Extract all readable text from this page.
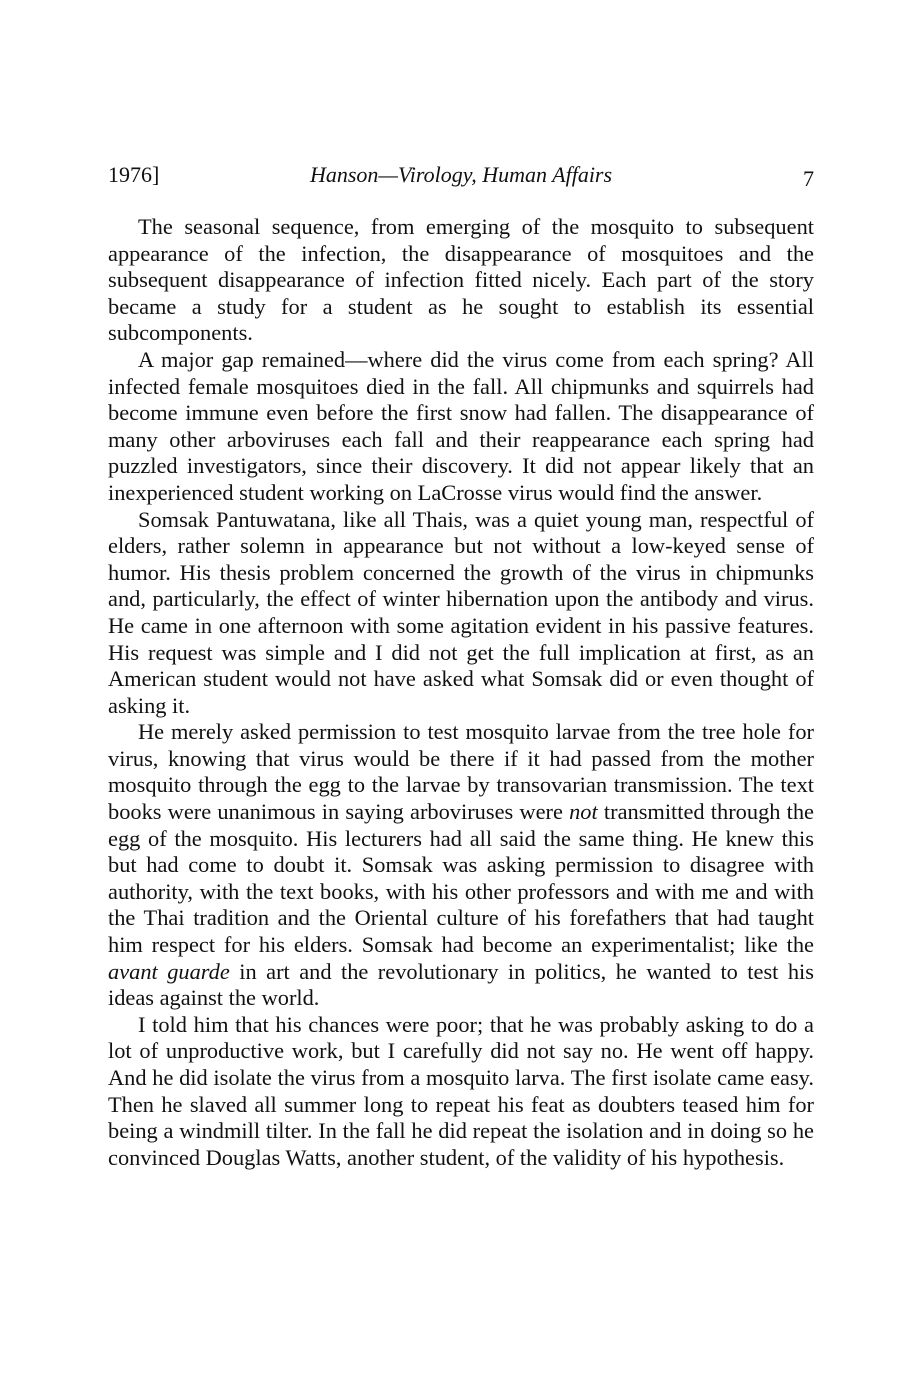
1976]	Hanson—Virology, Human Affairs	7

The seasonal sequence, from emerging of the mosquito to subsequent appearance of the infection, the disappearance of mosquitoes and the subsequent disappearance of infection fitted nicely. Each part of the story became a study for a student as he sought to establish its essential subcomponents.

A major gap remained—where did the virus come from each spring? All infected female mosquitoes died in the fall. All chipmunks and squirrels had become immune even before the first snow had fallen. The disappearance of many other arboviruses each fall and their reappearance each spring had puzzled investigators, since their discovery. It did not appear likely that an inexperienced student working on LaCrosse virus would find the answer.

Somsak Pantuwatana, like all Thais, was a quiet young man, respectful of elders, rather solemn in appearance but not without a low-keyed sense of humor. His thesis problem concerned the growth of the virus in chipmunks and, particularly, the effect of winter hibernation upon the antibody and virus. He came in one afternoon with some agitation evident in his passive features. His request was simple and I did not get the full implication at first, as an American student would not have asked what Somsak did or even thought of asking it.

He merely asked permission to test mosquito larvae from the tree hole for virus, knowing that virus would be there if it had passed from the mother mosquito through the egg to the larvae by transovarian transmission. The text books were unanimous in saying arboviruses were not transmitted through the egg of the mosquito. His lecturers had all said the same thing. He knew this but had come to doubt it. Somsak was asking permission to disagree with authority, with the text books, with his other professors and with me and with the Thai tradition and the Oriental culture of his forefathers that had taught him respect for his elders. Somsak had become an experimentalist; like the avant guarde in art and the revolutionary in politics, he wanted to test his ideas against the world.

I told him that his chances were poor; that he was probably asking to do a lot of unproductive work, but I carefully did not say no. He went off happy. And he did isolate the virus from a mosquito larva. The first isolate came easy. Then he slaved all summer long to repeat his feat as doubters teased him for being a windmill tilter. In the fall he did repeat the isolation and in doing so he convinced Douglas Watts, another student, of the validity of his hypothesis.
